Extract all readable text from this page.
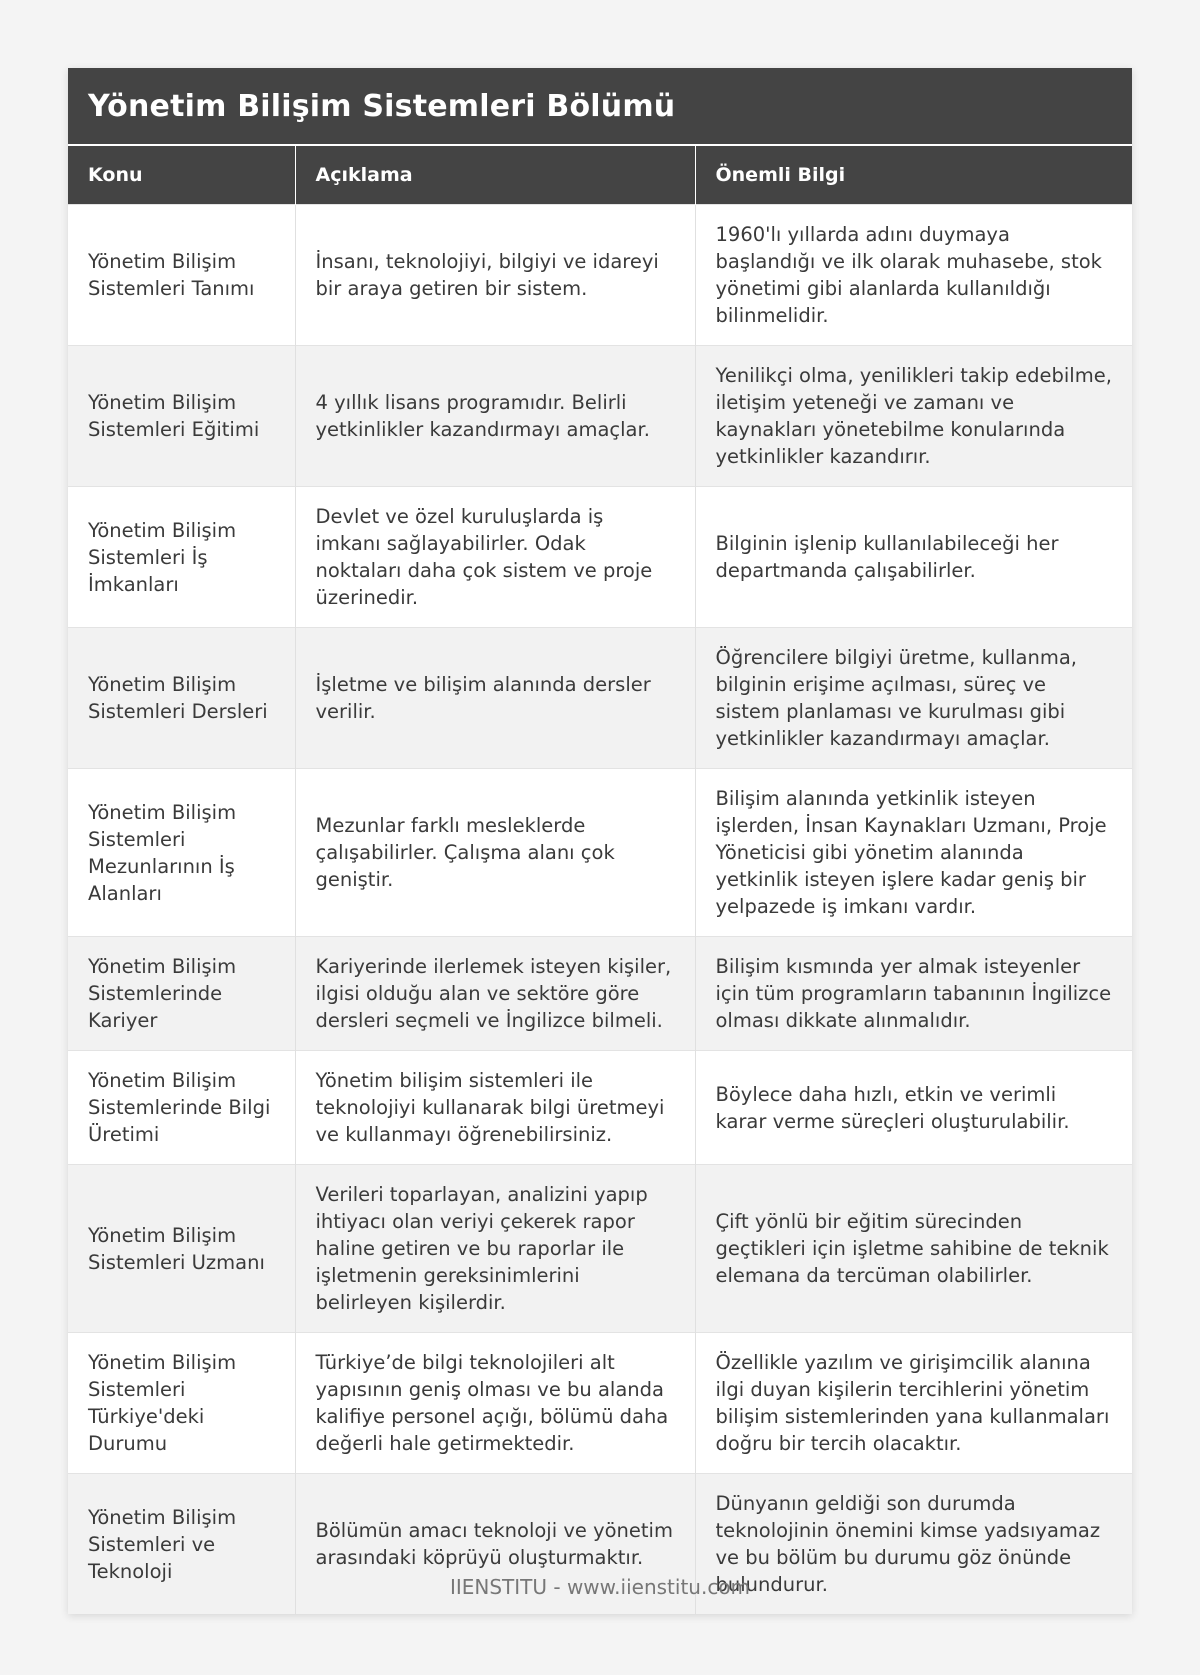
Yönetim Bilişim Sistemleri Bölümü
Konu	Açıklama	Önemli Bilgi
Yönetim Bilişim Sistemleri Tanımı	İnsanı, teknolojiyi, bilgiyi ve idareyi bir araya getiren bir sistem.	1960'lı yıllarda adını duymaya başlandığı ve ilk olarak muhasebe, stok yönetimi gibi alanlarda kullanıldığı bilinmelidir.
Yönetim Bilişim Sistemleri Eğitimi	4 yıllık lisans programıdır. Belirli yetkinlikler kazandırmayı amaçlar.	Yenilikçi olma, yenilikleri takip edebilme, iletişim yeteneği ve zamanı ve kaynakları yönetebilme konularında yetkinlikler kazandırır.
Yönetim Bilişim Sistemleri İş İmkanları	Devlet ve özel kuruluşlarda iş imkanı sağlayabilirler. Odak noktaları daha çok sistem ve proje üzerinedir.	Bilginin işlenip kullanılabileceği her departmanda çalışabilirler.
Yönetim Bilişim Sistemleri Dersleri	İşletme ve bilişim alanında dersler verilir.	Öğrencilere bilgiyi üretme, kullanma, bilginin erişime açılması, süreç ve sistem planlaması ve kurulması gibi yetkinlikler kazandırmayı amaçlar.
Yönetim Bilişim Sistemleri Mezunlarının İş Alanları	Mezunlar farklı mesleklerde çalışabilirler. Çalışma alanı çok geniştir.	Bilişim alanında yetkinlik isteyen işlerden, İnsan Kaynakları Uzmanı, Proje Yöneticisi gibi yönetim alanında yetkinlik isteyen işlere kadar geniş bir yelpazede iş imkanı vardır.
Yönetim Bilişim Sistemlerinde Kariyer	Kariyerinde ilerlemek isteyen kişiler, ilgisi olduğu alan ve sektöre göre dersleri seçmeli ve İngilizce bilmeli.	Bilişim kısmında yer almak isteyenler için tüm programların tabanının İngilizce olması dikkate alınmalıdır.
Yönetim Bilişim Sistemlerinde Bilgi Üretimi	Yönetim bilişim sistemleri ile teknolojiyi kullanarak bilgi üretmeyi ve kullanmayı öğrenebilirsiniz.	Böylece daha hızlı, etkin ve verimli karar verme süreçleri oluşturulabilir.
Yönetim Bilişim Sistemleri Uzmanı	Verileri toparlayan, analizini yapıp ihtiyacı olan veriyi çekerek rapor haline getiren ve bu raporlar ile işletmenin gereksinimlerini belirleyen kişilerdir.	Çift yönlü bir eğitim sürecinden geçtikleri için işletme sahibine de teknik elemana da tercüman olabilirler.
Yönetim Bilişim Sistemleri Türkiye'deki Durumu	Türkiye’de bilgi teknolojileri alt yapısının geniş olması ve bu alanda kalifiye personel açığı, bölümü daha değerli hale getirmektedir.	Özellikle yazılım ve girişimcilik alanına ilgi duyan kişilerin tercihlerini yönetim bilişim sistemlerinden yana kullanmaları doğru bir tercih olacaktır.
Yönetim Bilişim Sistemleri ve Teknoloji	Bölümün amacı teknoloji ve yönetim arasındaki köprüyü oluşturmaktır.	Dünyanın geldiği son durumda teknolojinin önemini kimse yadsıyamaz ve bu bölüm bu durumu göz önünde bulundurur.
IIENSTITU - www.iienstitu.com
